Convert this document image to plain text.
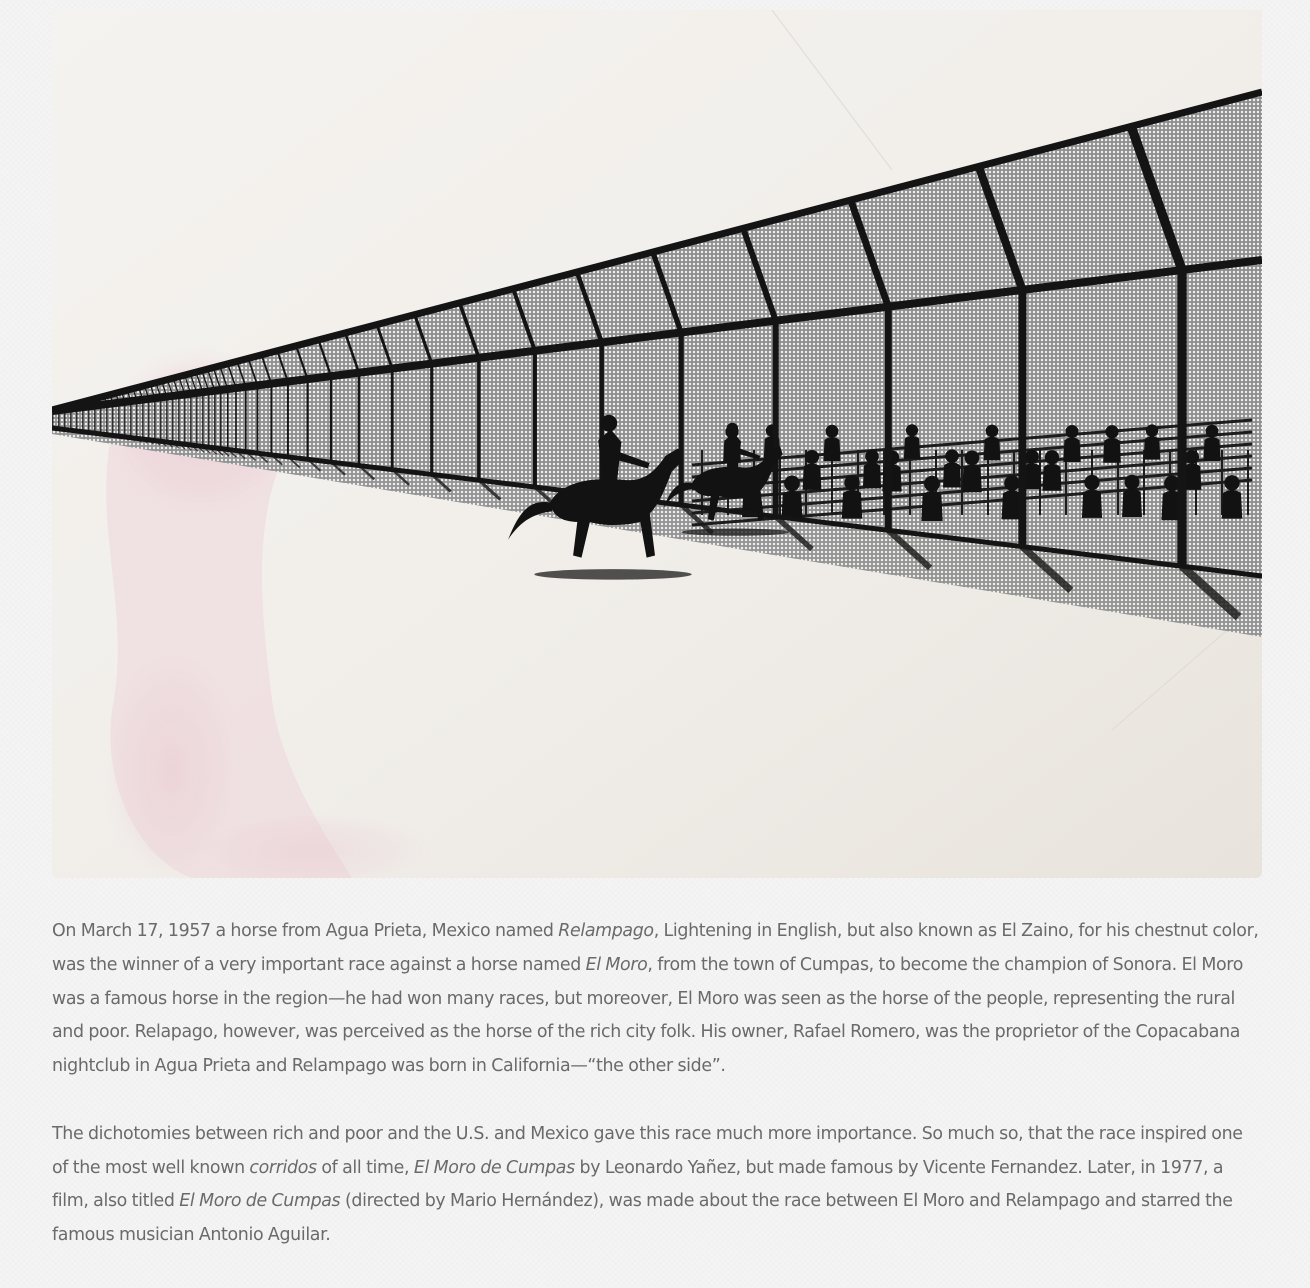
On March 17, 1957 a horse from Agua Prieta, Mexico named Relampago, Lightening in English, but also known as El Zaino, for his chestnut color, was the winner of a very important race against a horse named El Moro, from the town of Cumpas, to become the champion of Sonora. El Moro was a famous horse in the region—he had won many races, but moreover, El Moro was seen as the horse of the people, representing the rural and poor. Relapago, however, was perceived as the horse of the rich city folk. His owner, Rafael Romero, was the proprietor of the Copacabana nightclub in Agua Prieta and Relampago was born in California—“the other side”.

The dichotomies between rich and poor and the U.S. and Mexico gave this race much more importance. So much so, that the race inspired one of the most well known corridos of all time, El Moro de Cumpas by Leonardo Yañez, but made famous by Vicente Fernandez. Later, in 1977, a film, also titled El Moro de Cumpas (directed by Mario Hernández), was made about the race between El Moro and Relampago and starred the famous musician Antonio Aguilar.
